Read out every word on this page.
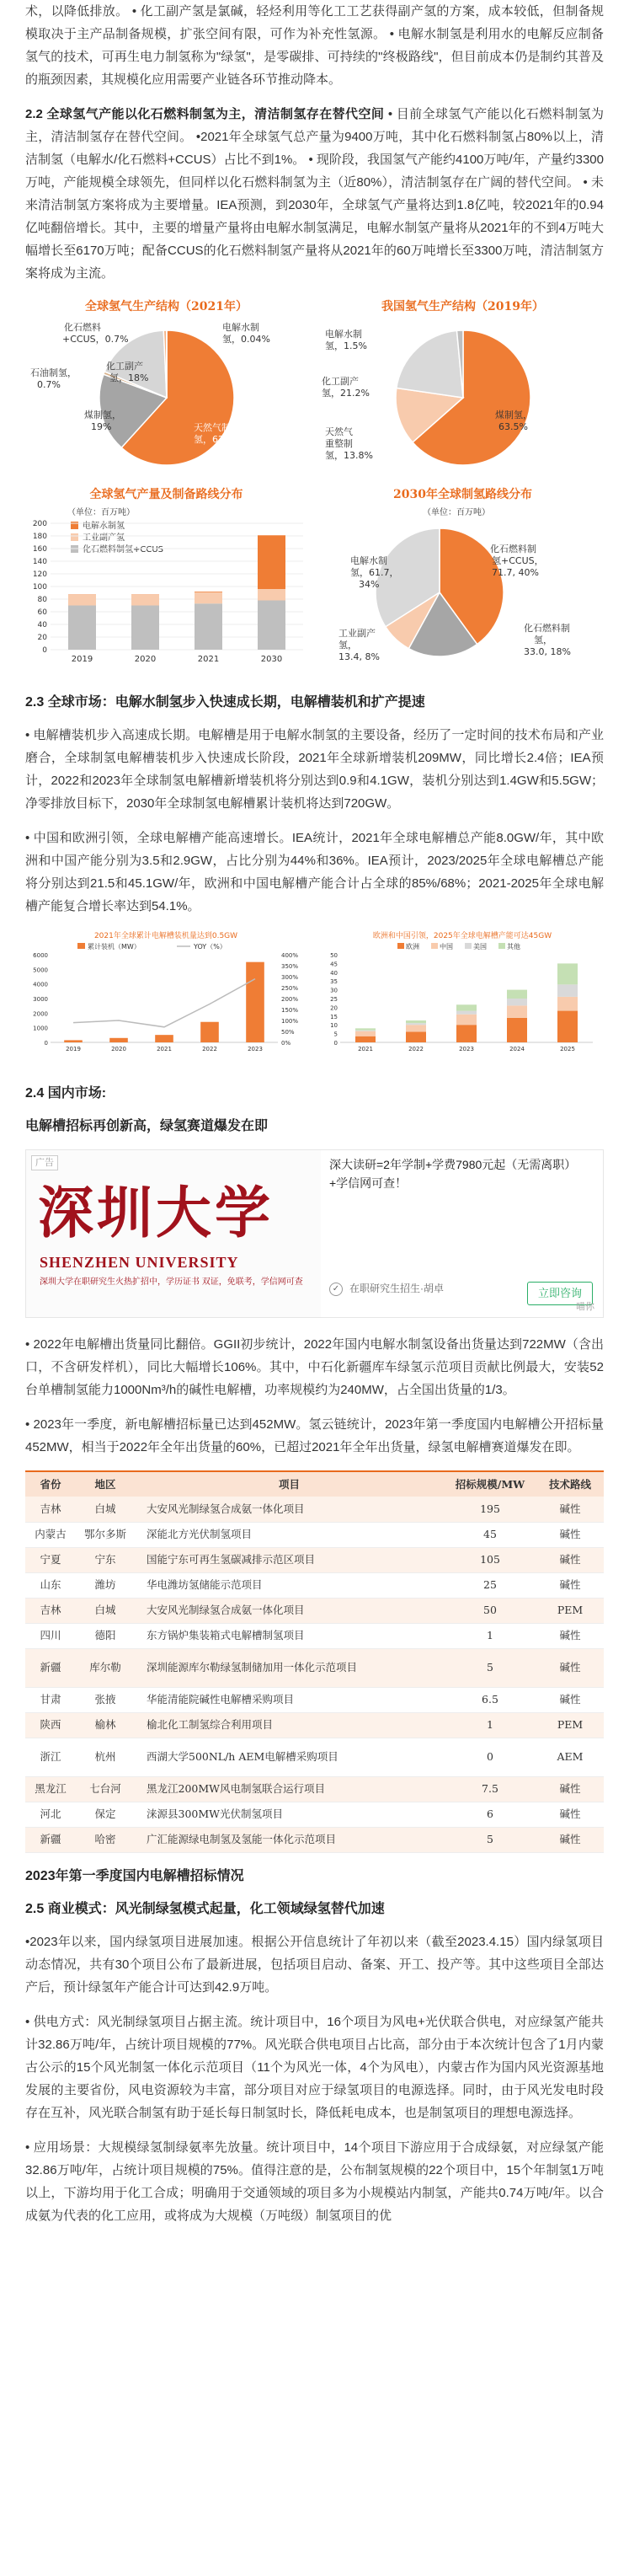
术，以降低排放。 • 化工副产氢是氯碱，轻烃利用等化工工艺获得副产氢的方案，成本较低，但制备规模取决于主产品制备规模，扩张空间有限，可作为补充性氢源。 • 电解水制氢是利用水的电解反应制备氢气的技术，可再生电力制氢称为"绿氢"，是零碳排、可持续的"终极路线"，但目前成本仍是制约其普及的瓶颈因素，其规模化应用需要产业链各环节推动降本。

2.2 全球氢气产能以化石燃料制氢为主，清洁制氢存在替代空间 • 目前全球氢气产能以化石燃料制氢为主，清洁制氢存在替代空间。 •2021年全球氢气总产量为9400万吨，其中化石燃料制氢占80%以上，清洁制氢（电解水/化石燃料+CCUS）占比不到1%。 • 现阶段，我国氢气产能约4100万吨/年，产量约3300万吨，产能规模全球领先，但同样以化石燃料制氢为主（近80%），清洁制氢存在广阔的替代空间。 • 未来清洁制氢方案将成为主要增量。IEA预测，到2030年，全球氢气产量将达到1.8亿吨，较2021年的0.94亿吨翻倍增长。其中，主要的增量产量将由电解水制氢满足，电解水制氢产量将从2021年的不到4万吨大幅增长至6170万吨；配备CCUS的化石燃料制氢产量将从2021年的60万吨增长至3300万吨，清洁制氢方案将成为主流。

全球氢气生产结构（2021年）
天然气制
氢，62%
煤制氢，
19%
石油制氢，
0.7%
化工副产
氢，18%
化石燃料
+CCUS，0.7%
电解水制
氢，0.04%
我国氢气生产结构（2019年）
煤制氢，
63.5%
天然气
重整制
氢，13.8%
化工副产
氢，21.2%
电解水制
氢，1.5%
全球氢气产量及制备路线分布
（单位：百万吨）
电解水制氢
工业副产氢
化石燃料制氢+CCUS
0
20
40
60
80
100
120
140
160
180
200
2019	2020	2021	2030
2030年全球制氢路线分布
（单位：百万吨）
化石燃料制
氢+CCUS，
71.7, 40%
化石燃料制
氢，
33.0, 18%
工业副产
氢，
13.4, 8%
电解水制
氢，61.7，
34%
2.3 全球市场：电解水制氢步入快速成长期，电解槽装机和扩产提速

• 电解槽装机步入高速成长期。电解槽是用于电解水制氢的主要设备，经历了一定时间的技术布局和产业磨合，全球制氢电解槽装机步入快速成长阶段，2021年全球新增装机209MW，同比增长2.4倍；IEA预计，2022和2023年全球制氢电解槽新增装机将分别达到0.9和4.1GW，装机分别达到1.4GW和5.5GW；净零排放目标下，2030年全球制氢电解槽累计装机将达到720GW。

• 中国和欧洲引领，全球电解槽产能高速增长。IEA统计，2021年全球电解槽总产能8.0GW/年，其中欧洲和中国产能分别为3.5和2.9GW，占比分别为44%和36%。IEA预计，2023/2025年全球电解槽总产能将分别达到21.5和45.1GW/年，欧洲和中国电解槽产能合计占全球的85%/68%；2021-2025年全球电解槽产能复合增长率达到54.1%。

2021年全球累计电解槽装机量达到0.5GW
累计装机（MW）	YOY（%）
0
1000
2000
3000
4000
5000
6000
0%
50%
100%
150%
200%
250%
300%
350%
400%
2019	2020	2021	2022	2023
欧洲和中国引领，2025年全球电解槽产能可达45GW
欧洲	中国	美国	其他
0
5
10
15
20
25
30
35
40
45
50
2021	2022	2023	2024	2025
2.4 国内市场:
电解槽招标再创新高，绿氢赛道爆发在即
广告
深圳大学
SHENZHEN UNIVERSITY
深圳大学在职研究生火热扩招中，学历证书 双证，免联考，学信网可查
深大读研=2年学制+学费7980元起（无需离职）+学信网可查！
✓ 在职研究生招生·胡卓	立即咨询
喵你

• 2022年电解槽出货量同比翻倍。GGII初步统计，2022年国内电解水制氢设备出货量达到722MW（含出口，不含研发样机），同比大幅增长106%。其中，中石化新疆库车绿氢示范项目贡献比例最大，安装52台单槽制氢能力1000Nm³/h的碱性电解槽，功率规模约为240MW，占全国出货量的1/3。

• 2023年一季度，新电解槽招标量已达到452MW。氢云链统计，2023年第一季度国内电解槽公开招标量452MW，相当于2022年全年出货量的60%，已超过2021年全年出货量，绿氢电解槽赛道爆发在即。

省份	地区	项目	招标规模/MW	技术路线
吉林	白城	大安风光制绿氢合成氨一体化项目	195	碱性
内蒙古	鄂尔多斯	深能北方光伏制氢项目	45	碱性
宁夏	宁东	国能宁东可再生氢碳减排示范区项目	105	碱性
山东	潍坊	华电潍坊氢储能示范项目	25	碱性
吉林	白城	大安风光制绿氢合成氨一体化项目	50	PEM
四川	德阳	东方锅炉集装箱式电解槽制氢项目	1	碱性
新疆	库尔勒	深圳能源库尔勒绿氢制储加用一体化示范项目	5	碱性
甘肃	张掖	华能清能院碱性电解槽采购项目	6.5	碱性
陕西	榆林	榆北化工制氢综合利用项目	1	PEM
浙江	杭州	西湖大学500NL/h AEM电解槽采购项目	0	AEM
黑龙江	七台河	黑龙江200MW风电制氢联合运行项目	7.5	碱性
河北	保定	涞源县300MW光伏制氢项目	6	碱性
新疆	哈密	广汇能源绿电制氢及氢能一体化示范项目	5	碱性
2023年第一季度国内电解槽招标情况
2.5 商业模式：风光制绿氢模式起量，化工领域绿氢替代加速

•2023年以来，国内绿氢项目进展加速。根据公开信息统计了年初以来（截至2023.4.15）国内绿氢项目动态情况，共有30个项目公布了最新进展，包括项目启动、备案、开工、投产等。其中这些项目全部达产后，预计绿氢年产能合计可达到42.9万吨。

• 供电方式：风光制绿氢项目占据主流。统计项目中，16个项目为风电+光伏联合供电，对应绿氢产能共计32.86万吨/年，占统计项目规模的77%。风光联合供电项目占比高，部分由于本次统计包含了1月内蒙古公示的15个风光制氢一体化示范项目（11个为风光一体，4个为风电），内蒙古作为国内风光资源基地发展的主要省份，风电资源较为丰富，部分项目对应于绿氢项目的电源选择。同时，由于风光发电时段存在互补，风光联合制氢有助于延长每日制氢时长，降低耗电成本，也是制氢项目的理想电源选择。

• 应用场景：大规模绿氢制绿氨率先放量。统计项目中，14个项目下游应用于合成绿氨，对应绿氢产能32.86万吨/年，占统计项目规模的75%。值得注意的是，公布制氢规模的22个项目中，15个年制氢1万吨以上，下游均用于化工合成；明确用于交通领域的项目多为小规模站内制氢，产能共0.74万吨/年。以合成氨为代表的化工应用，或将成为大规模（万吨级）制氢项目的优
